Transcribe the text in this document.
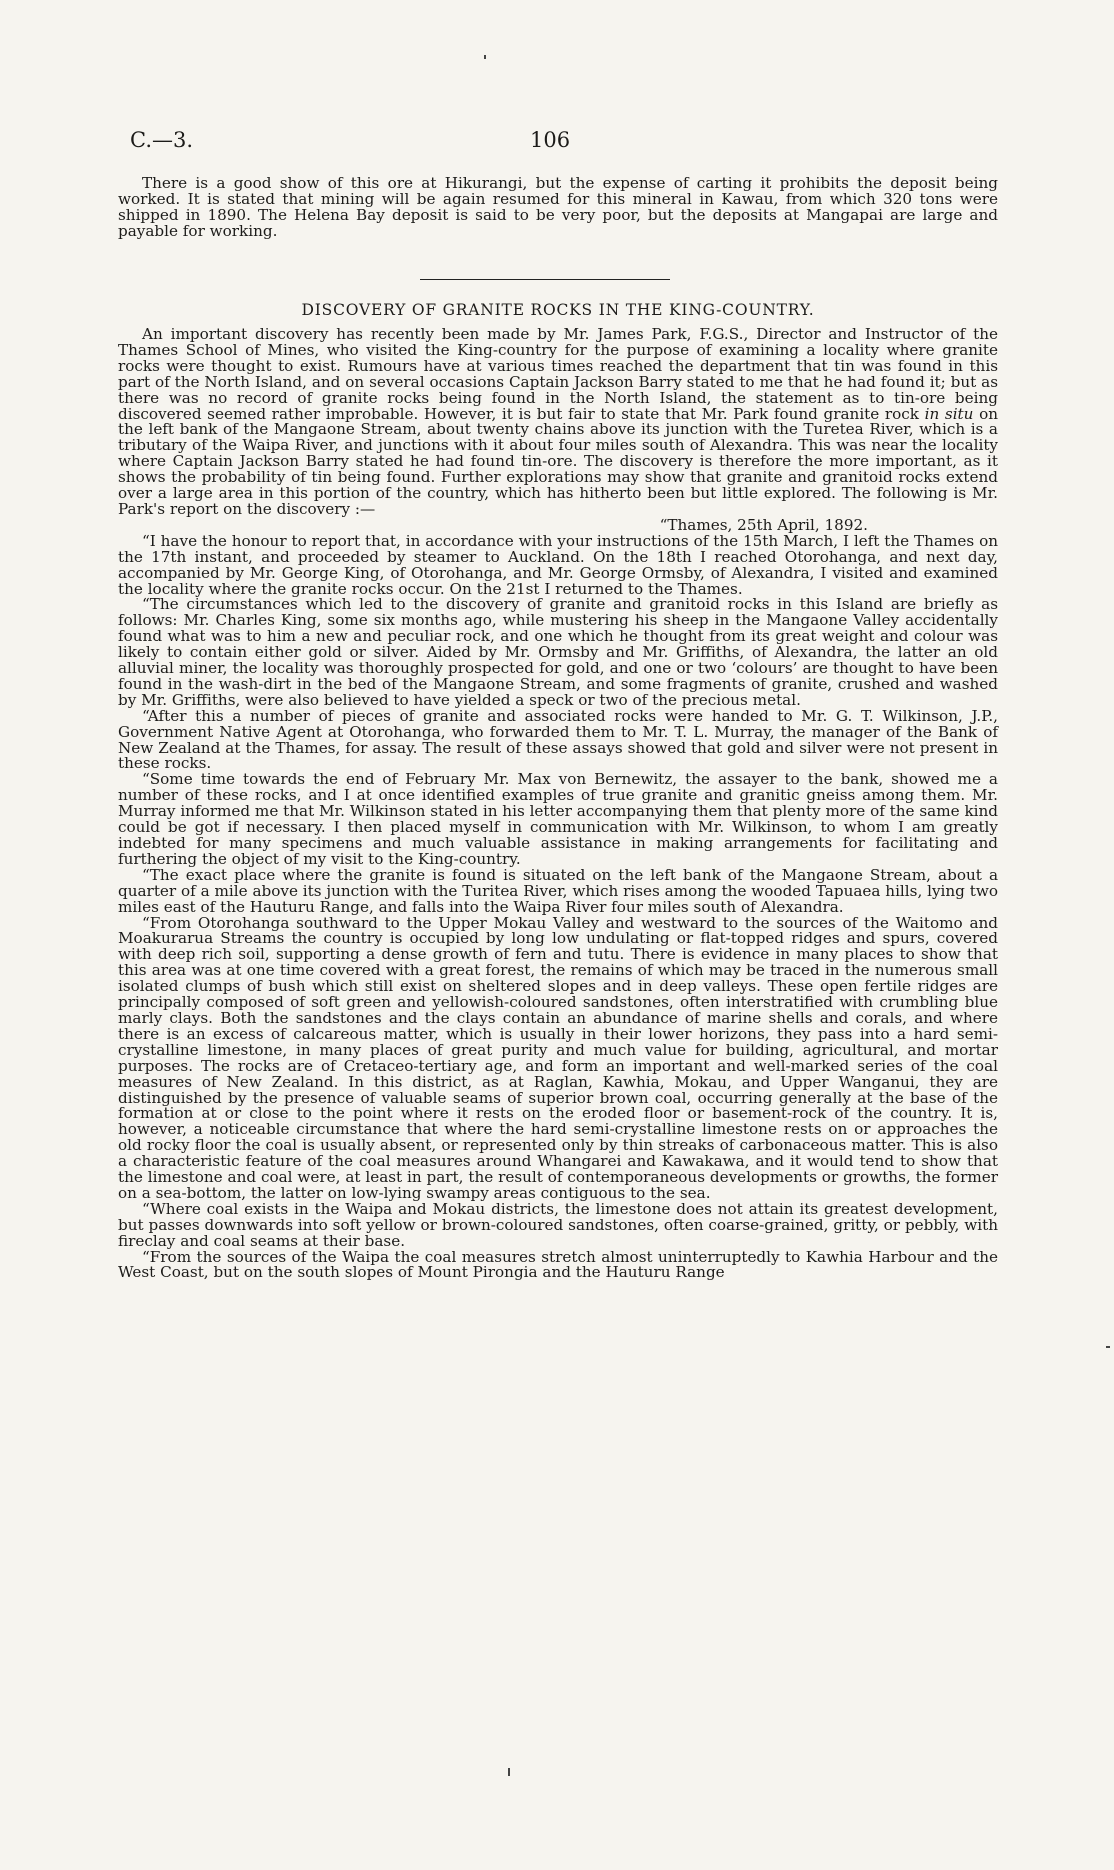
C.—3.	106

There is a good show of this ore at Hikurangi, but the expense of carting it prohibits the deposit being worked. It is stated that mining will be again resumed for this mineral in Kawau, from which 320 tons were shipped in 1890. The Helena Bay deposit is said to be very poor, but the deposits at Mangapai are large and payable for working.

DISCOVERY OF GRANITE ROCKS IN THE KING-COUNTRY.

An important discovery has recently been made by Mr. James Park, F.G.S., Director and Instructor of the Thames School of Mines, who visited the King-country for the purpose of examining a locality where granite rocks were thought to exist. Rumours have at various times reached the department that tin was found in this part of the North Island, and on several occasions Captain Jackson Barry stated to me that he had found it; but as there was no record of granite rocks being found in the North Island, the statement as to tin-ore being discovered seemed rather improbable. However, it is but fair to state that Mr. Park found granite rock in situ on the left bank of the Mangaone Stream, about twenty chains above its junction with the Turetea River, which is a tributary of the Waipa River, and junctions with it about four miles south of Alexandra. This was near the locality where Captain Jackson Barry stated he had found tin-ore. The discovery is therefore the more important, as it shows the probability of tin being found. Further explorations may show that granite and granitoid rocks extend over a large area in this portion of the country, which has hitherto been but little explored. The following is Mr. Park's report on the discovery :—

“Thames, 25th April, 1892.

“I have the honour to report that, in accordance with your instructions of the 15th March, I left the Thames on the 17th instant, and proceeded by steamer to Auckland. On the 18th I reached Otorohanga, and next day, accompanied by Mr. George King, of Otorohanga, and Mr. George Ormsby, of Alexandra, I visited and examined the locality where the granite rocks occur. On the 21st I returned to the Thames.

“The circumstances which led to the discovery of granite and granitoid rocks in this Island are briefly as follows: Mr. Charles King, some six months ago, while mustering his sheep in the Mangaone Valley accidentally found what was to him a new and peculiar rock, and one which he thought from its great weight and colour was likely to contain either gold or silver. Aided by Mr. Ormsby and Mr. Griffiths, of Alexandra, the latter an old alluvial miner, the locality was thoroughly prospected for gold, and one or two ‘colours’ are thought to have been found in the wash-dirt in the bed of the Mangaone Stream, and some fragments of granite, crushed and washed by Mr. Griffiths, were also believed to have yielded a speck or two of the precious metal.

“After this a number of pieces of granite and associated rocks were handed to Mr. G. T. Wilkinson, J.P., Government Native Agent at Otorohanga, who forwarded them to Mr. T. L. Murray, the manager of the Bank of New Zealand at the Thames, for assay. The result of these assays showed that gold and silver were not present in these rocks.

“Some time towards the end of February Mr. Max von Bernewitz, the assayer to the bank, showed me a number of these rocks, and I at once identified examples of true granite and granitic gneiss among them. Mr. Murray informed me that Mr. Wilkinson stated in his letter accompanying them that plenty more of the same kind could be got if necessary. I then placed myself in communication with Mr. Wilkinson, to whom I am greatly indebted for many specimens and much valuable assistance in making arrangements for facilitating and furthering the object of my visit to the King-country.

“The exact place where the granite is found is situated on the left bank of the Mangaone Stream, about a quarter of a mile above its junction with the Turitea River, which rises among the wooded Tapuaea hills, lying two miles east of the Hauturu Range, and falls into the Waipa River four miles south of Alexandra.

“From Otorohanga southward to the Upper Mokau Valley and westward to the sources of the Waitomo and Moakurarua Streams the country is occupied by long low undulating or flat-topped ridges and spurs, covered with deep rich soil, supporting a dense growth of fern and tutu. There is evidence in many places to show that this area was at one time covered with a great forest, the remains of which may be traced in the numerous small isolated clumps of bush which still exist on sheltered slopes and in deep valleys. These open fertile ridges are principally composed of soft green and yellowish-coloured sandstones, often interstratified with crumbling blue marly clays. Both the sandstones and the clays contain an abundance of marine shells and corals, and where there is an excess of calcareous matter, which is usually in their lower horizons, they pass into a hard semi-crystalline limestone, in many places of great purity and much value for building, agricultural, and mortar purposes. The rocks are of Cretaceo-tertiary age, and form an important and well-marked series of the coal measures of New Zealand. In this district, as at Raglan, Kawhia, Mokau, and Upper Wanganui, they are distinguished by the presence of valuable seams of superior brown coal, occurring generally at the base of the formation at or close to the point where it rests on the eroded floor or basement-rock of the country. It is, however, a noticeable circumstance that where the hard semi-crystalline limestone rests on or approaches the old rocky floor the coal is usually absent, or represented only by thin streaks of carbonaceous matter. This is also a characteristic feature of the coal measures around Whangarei and Kawakawa, and it would tend to show that the limestone and coal were, at least in part, the result of contemporaneous developments or growths, the former on a sea-bottom, the latter on low-lying swampy areas contiguous to the sea.

“Where coal exists in the Waipa and Mokau districts, the limestone does not attain its greatest development, but passes downwards into soft yellow or brown-coloured sandstones, often coarse-grained, gritty, or pebbly, with fireclay and coal seams at their base.

“From the sources of the Waipa the coal measures stretch almost uninterruptedly to Kawhia Harbour and the West Coast, but on the south slopes of Mount Pirongia and the Hauturu Range
